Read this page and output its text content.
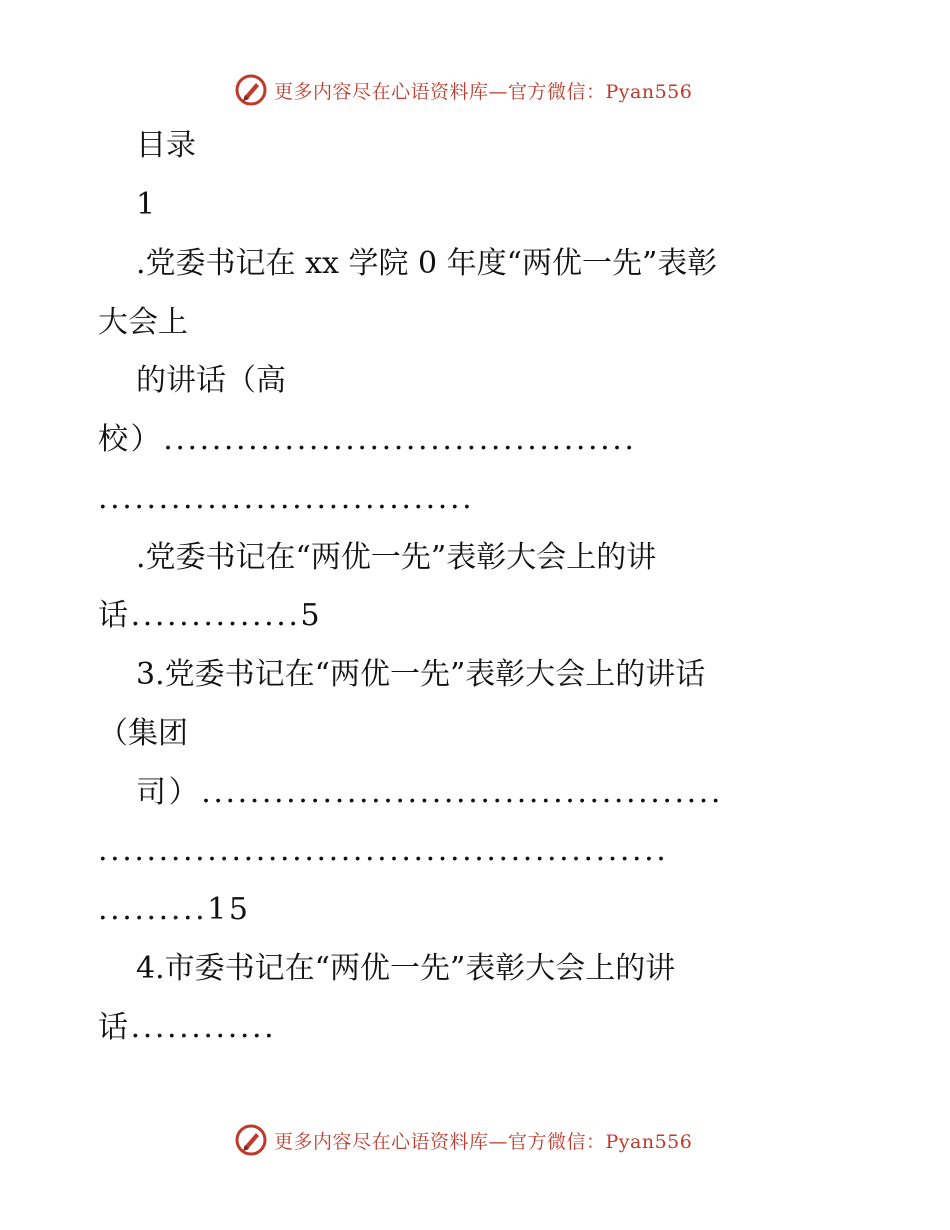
更多内容尽在心语资料库—官方微信：Pyan556
目录
1
.党委书记在 xx 学院 0 年度“两优一先”表彰
大会上
的讲话（高
校）.......................................
...............................
.党委书记在“两优一先”表彰大会上的讲
话..............5
3.党委书记在“两优一先”表彰大会上的讲话
（集团
司）...........................................
...............................................
.........15
4.市委书记在“两优一先”表彰大会上的讲
话............
更多内容尽在心语资料库—官方微信：Pyan556
